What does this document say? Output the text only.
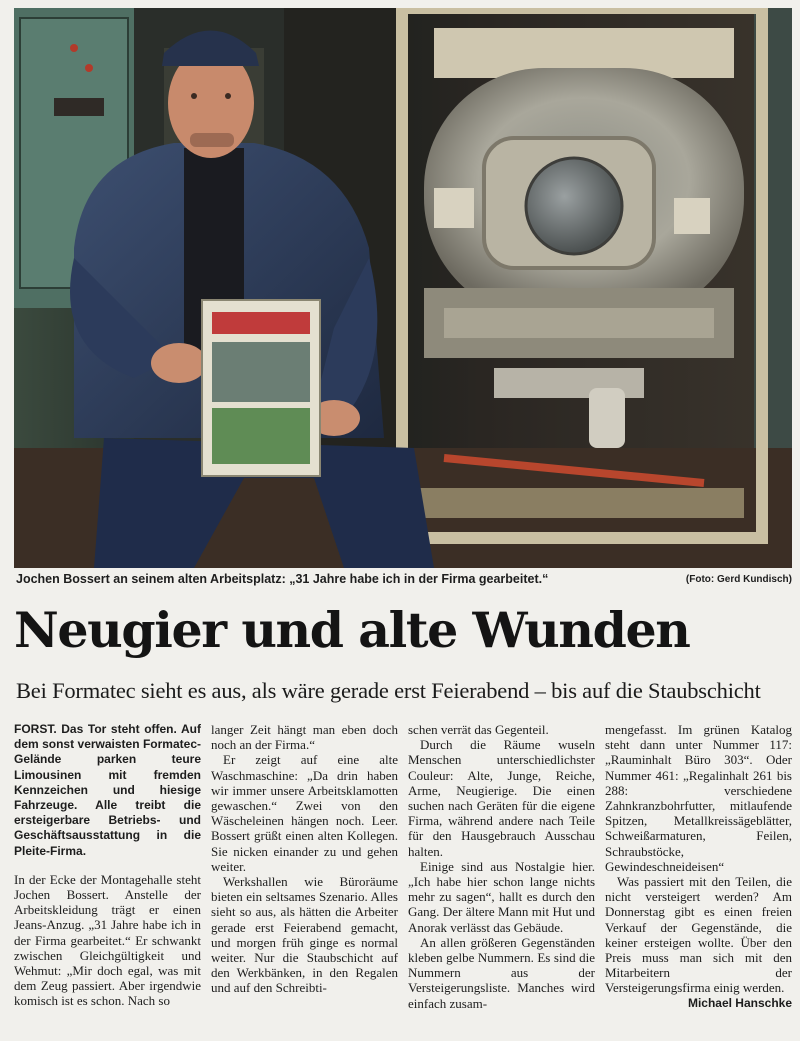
Jochen Bossert an seinem alten Arbeitsplatz: „31 Jahre habe ich in der Firma gearbeitet.“	(Foto: Gerd Kundisch)
Neugier und alte Wunden
Bei Formatec sieht es aus, als wäre gerade erst Feierabend – bis auf die Staubschicht

FORST. Das Tor steht offen. Auf dem sonst verwaisten Formatec-Gelände parken teure Limousinen mit fremden Kennzeichen und hiesige Fahrzeuge. Alle treibt die ersteigerbare Betriebs- und Geschäftsausstattung in die Pleite-Firma.

In der Ecke der Montagehalle steht Jochen Bossert. Anstelle der Arbeitskleidung trägt er einen Jeans-Anzug. „31 Jahre habe ich in der Firma gearbeitet.“ Er schwankt zwischen Gleichgültigkeit und Wehmut: „Mir doch egal, was mit dem Zeug passiert. Aber irgendwie komisch ist es schon. Nach so

langer Zeit hängt man eben doch noch an der Firma.“

Er zeigt auf eine alte Waschmaschine: „Da drin haben wir immer unsere Arbeitsklamotten gewaschen.“ Zwei von den Wäscheleinen hängen noch. Leer. Bossert grüßt einen alten Kollegen. Sie nicken einander zu und gehen weiter.

Werkshallen wie Büroräume bieten ein seltsames Szenario. Alles sieht so aus, als hätten die Arbeiter gerade erst Feierabend gemacht, und morgen früh ginge es normal weiter. Nur die Staubschicht auf den Werkbänken, in den Regalen und auf den Schreibti-

schen verrät das Gegenteil.

Durch die Räume wuseln Menschen unterschiedlichster Couleur: Alte, Junge, Reiche, Arme, Neugierige. Die einen suchen nach Geräten für die eigene Firma, während andere nach Teile für den Hausgebrauch Ausschau halten.

Einige sind aus Nostalgie hier. „Ich habe hier schon lange nichts mehr zu sagen“, hallt es durch den Gang. Der ältere Mann mit Hut und Anorak verlässt das Gebäude.

An allen größeren Gegenständen kleben gelbe Nummern. Es sind die Nummern aus der Versteigerungsliste. Manches wird einfach zusam-

mengefasst. Im grünen Katalog steht dann unter Nummer 117: „Rauminhalt Büro 303“. Oder Nummer 461: „Regalinhalt 261 bis 288: verschiedene Zahnkranzbohrfutter, mitlaufende Spitzen, Metallkreissägeblätter, Schweißarmaturen, Feilen, Schraubstöcke, Gewindeschneideisen“

Was passiert mit den Teilen, die nicht versteigert werden? Am Donnerstag gibt es einen freien Verkauf der Gegenstände, die keiner ersteigen wollte. Über den Preis muss man sich mit den Mitarbeitern der Versteigerungsfirma einig werden.

Michael Hanschke
